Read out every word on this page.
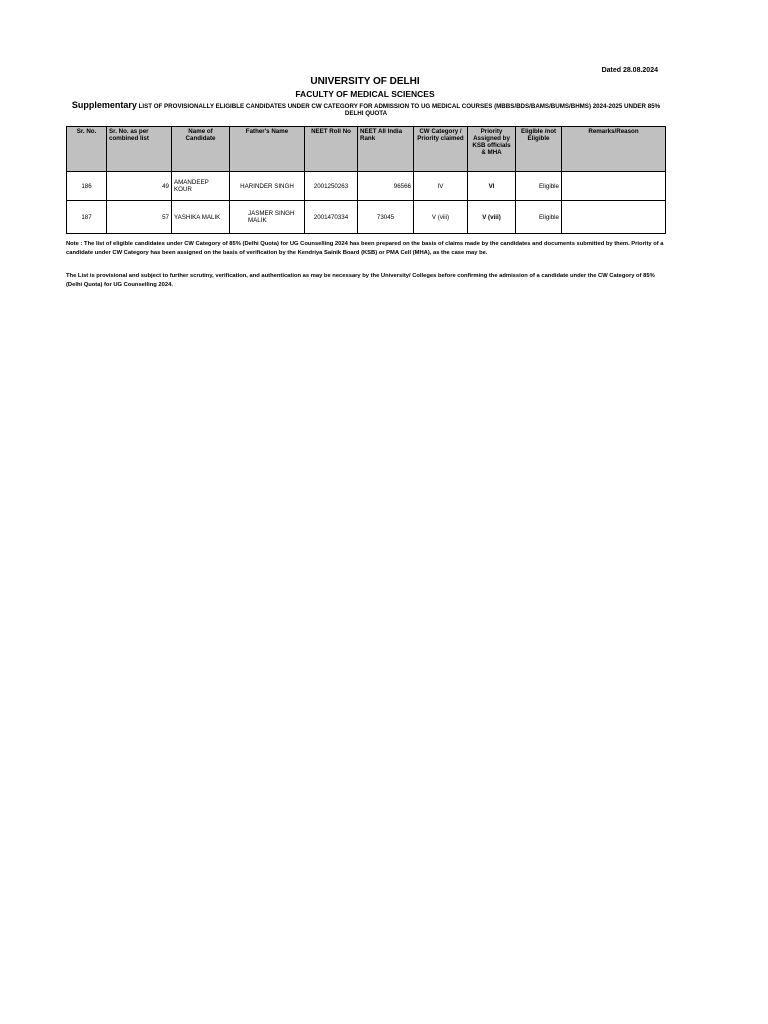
Dated 28.08.2024
UNIVERSITY OF DELHI
FACULTY OF MEDICAL SCIENCES
Supplementary LIST OF PROVISIONALLY ELIGIBLE CANDIDATES UNDER CW CATEGORY FOR ADMISSION TO UG MEDICAL COURSES (MBBS/BDS/BAMS/BUMS/BHMS) 2024-2025 UNDER 85%
DELHI QUOTA
Sr. No.	Sr. No. as per combined list	Name of Candidate	Father's Name	NEET Roll No	NEET All India Rank	CW Category / Priority claimed	Priority Assigned by KSB officials & MHA	Eligible /not Eligible	Remarks/Reason
186	49	AMANDEEP KOUR	HARINDER SINGH	2001250263	96566	IV	VI	Eligible	
187	57	YASHIKA MALIK	JASMER SINGH MALIK	2001470334	73045	V (viii)	V (viii)	Eligible	
Note : The list of eligible candidates under CW Category of 85% (Delhi Quota) for UG Counselling 2024 has been prepared on the basis of claims made by the candidates and documents submitted by them. Priority of a candidate under CW Category has been assigned on the basis of verification by the Kendriya Sainik Board (KSB) or PMA Cell (MHA), as the case may be.
The List is provisional and subject to further scrutiny, verification, and authentication as may be necessary by the University/ Colleges before confirming the admission of a candidate under the CW Category of 85% (Delhi Quota) for UG Counselling 2024.
